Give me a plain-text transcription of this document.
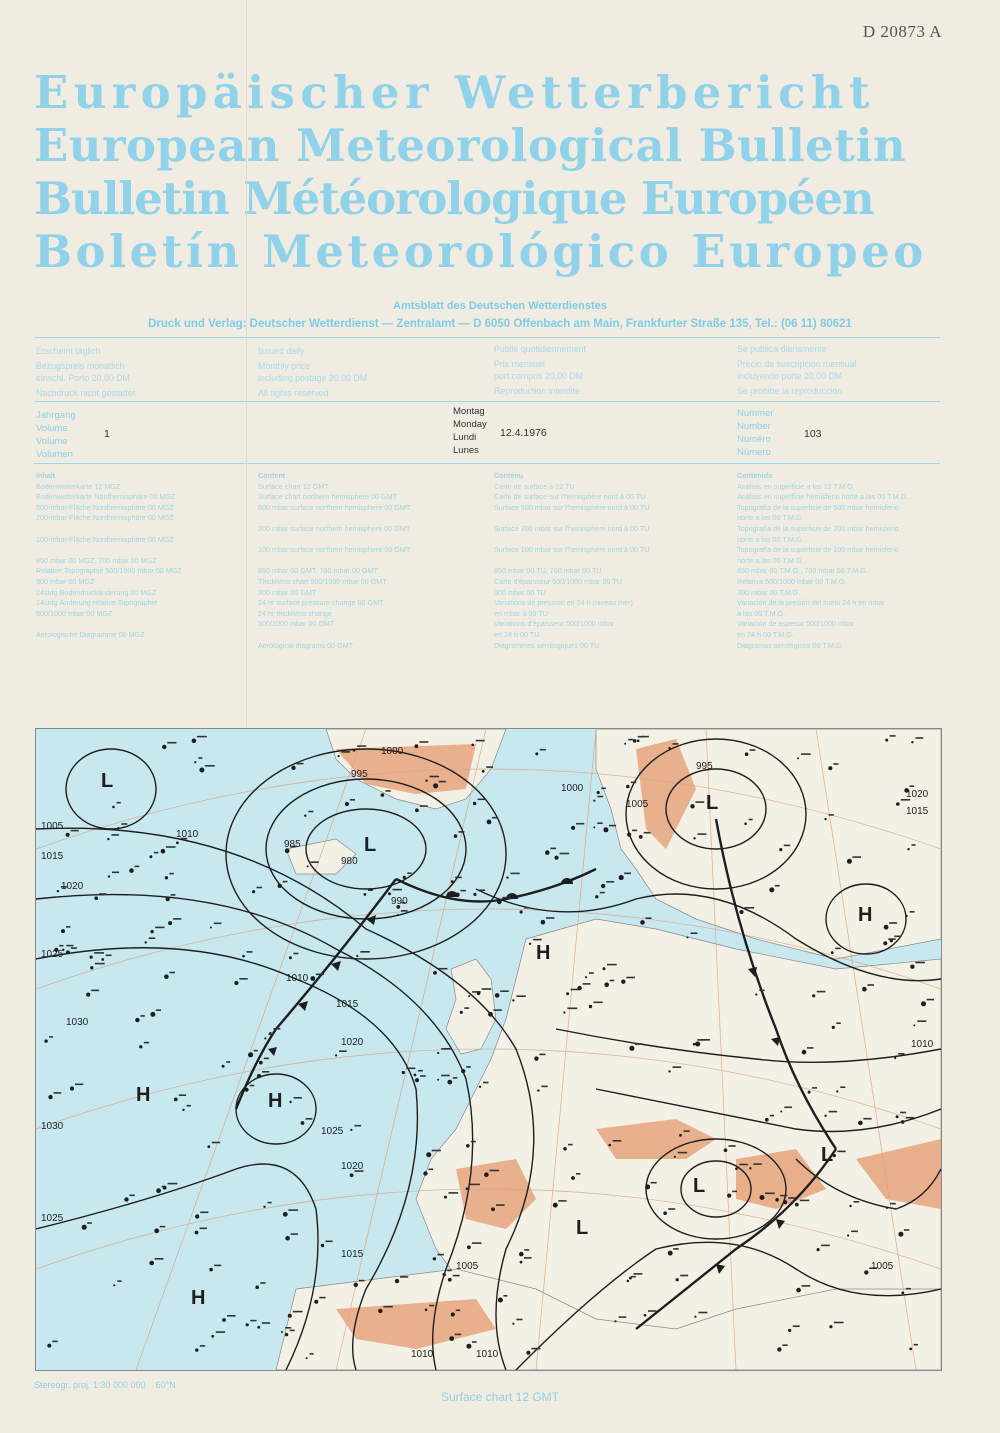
D 20873 A
Europäischer Wetterbericht
European Meteorological Bulletin
Bulletin Météorologique Européen
Boletín Meteorológico Europeo
Amtsblatt des Deutschen Wetterdienstes
Druck und Verlag: Deutscher Wetterdienst — Zentralamt — D 6050 Offenbach am Main, Frankfurter Straße 135, Tel.: (06 11) 80621
Erscheint täglich
Bezugspreis monatlich
einschl. Porto 20,00 DM
Nachdruck nicht gestattet
Issued daily
Monthly price
including postage 20,00 DM
All rights reserved
Publié quotidiennement
Prix mensuel
port compris 20,00 DM
Reproduction interdite
Se publica diariamente
Precio de suscripción mensual
incluyendo porte 20,00 DM
Se prohibe la reproducción
Jahrgang
Volume
Volume
Volumen
1
Montag
Monday
Lundi
Lunes
12.4.1976
Nummer
Number
Numéro
Número
103
Inhalt
Bodenwetterkarte 12 MGZ
Bodenwetterkarte Nordhemisphäre 00 MGZ
500-mbar-Fläche Nordhemisphäre 00 MGZ
200-mbar-Fläche Nordhemisphäre 00 MGZ

100-mbar-Fläche Nordhemisphäre 00 MGZ

850 mbar 00 MGZ, 700 mbar 00 MGZ
Relative Topographie 500/1000 mbar 00 MGZ
300 mbar 00 MGZ
24stdg Bodendruckänderung 00 MGZ
24stdg Änderung relative Topographie
500/1000 mbar 00 MGZ

Aerologische Diagramme 00 MGZ
Content
Surface chart 12 GMT
Surface chart northern hemisphere 00 GMT
500 mbar surface northern hemisphere 00 GMT

200 mbar surface northern hemisphere 00 GMT

100 mbar surface northern hemisphere 00 GMT

850 mbar 00 GMT, 700 mbar 00 GMT
Thickness chart 500/1000 mbar 00 GMT
300 mbar 00 GMT
24 hr surface pressure change 00 GMT
24 hr thickness change
500/1000 mbar 00 GMT

Aerological diagrams 00 GMT
Contenu
Carte de surface à 12 TU
Carte de surface sur l'hemisphère nord à 00 TU
Surface 500 mbar sur l'hemisphère nord à 00 TU

Surface 200 mbar sur l'hemisphère nord à 00 TU

Surface 100 mbar sur l'hemisphère nord à 00 TU

850 mbar 00 TU, 700 mbar 00 TU
Carte d'épaisseur 500/1000 mbar 00 TU
300 mbar 00 TU
Variations de pression en 24 h (niveau mer)
en mbar à 00 TU
Variations d'épaisseur 500/1000 mbar
en 24 h 00 TU
Diagrammes aérologiques 00 TU
Contenido
Análisis en superficie a las 12 T.M.G.
Análisis en superficie hemisferio norte a las 00 T.M.G.
Topografía de la superficie de 500 mbar hemisferio
norte a las 00 T.M.G.
Topografía de la superficie de 200 mbar hemisferio
norte a las 00 T.M.G.
Topografía de la superficie de 100 mbar hemisferio
norte a las 00 T.M.G.
850 mbar 00 T.M.G., 700 mbar 00 T.M.G.
Relativa 500/1000 mbar 00 T.M.G.
300 mbar 00 T.M.G.
Variación de la presión del suelo 24 h en mbar
a las 00 T.M.G.
Variación de espesor 500/1000 mbar
en 24 h 00 T.M.G.
Diagramas aerológicos 00 T.M.G.
995
1000
1005
1010
1015
1020
1025
1030
985
980
990
995
1000
1005
1010
1015
1020
1025
1025
1030
1020
1015
1010
1005
1010
1015
1020
1005
1010
L
L
L
L
L
L
H	H
H
H
H
Stereogr. proj. 1:30 000 000 60°N
Surface chart 12 GMT
